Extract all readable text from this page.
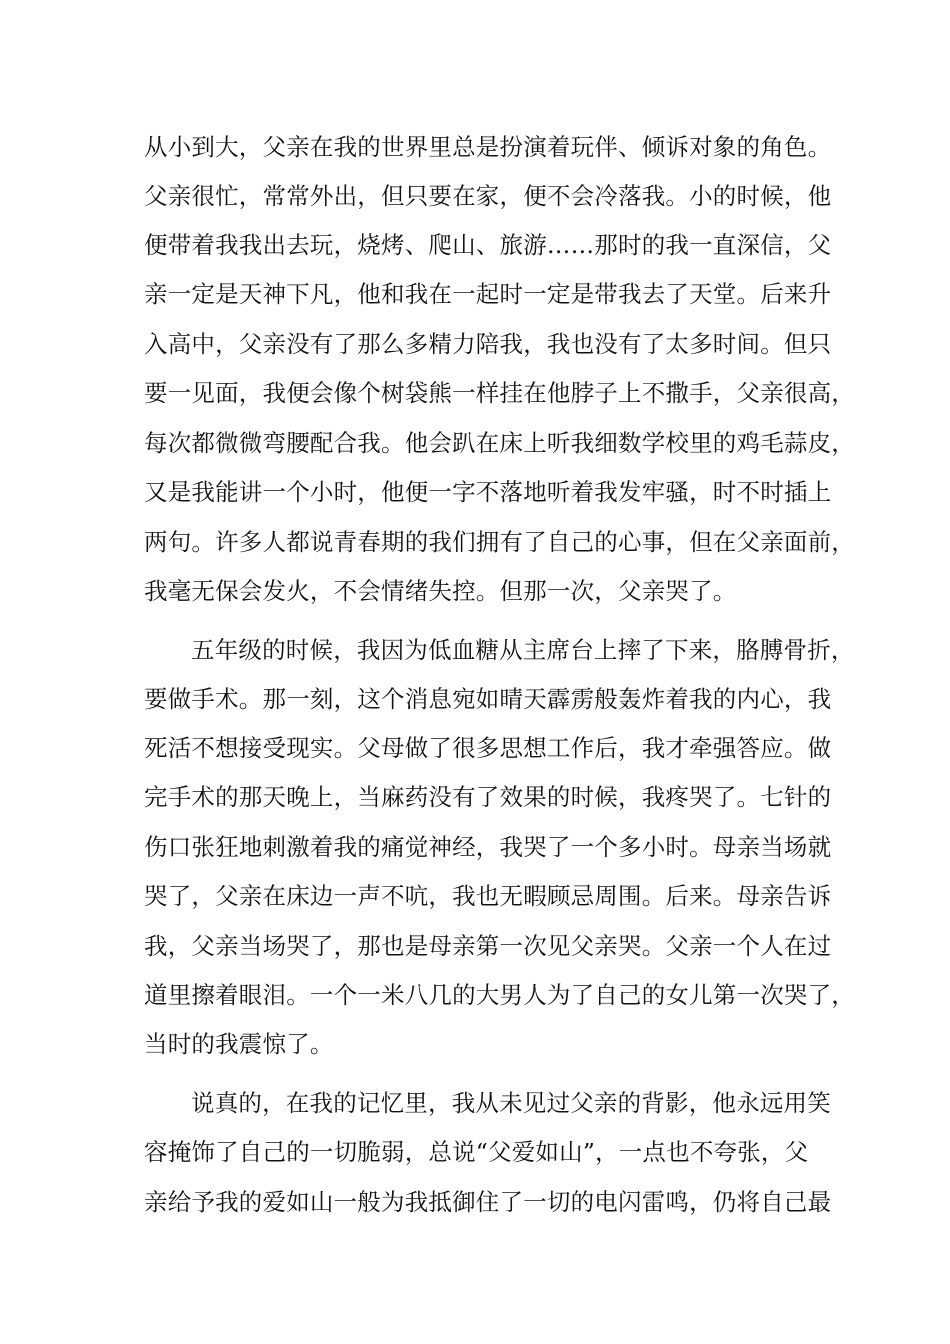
从小到大，父亲在我的世界里总是扮演着玩伴、倾诉对象的角色。
父亲很忙，常常外出，但只要在家，便不会冷落我。小的时候，他
便带着我我出去玩，烧烤、爬山、旅游……那时的我一直深信，父
亲一定是天神下凡，他和我在一起时一定是带我去了天堂。后来升
入高中，父亲没有了那么多精力陪我，我也没有了太多时间。但只
要一见面，我便会像个树袋熊一样挂在他脖子上不撒手，父亲很高，
每次都微微弯腰配合我。他会趴在床上听我细数学校里的鸡毛蒜皮，
又是我能讲一个小时，他便一字不落地听着我发牢骚，时不时插上
两句。许多人都说青春期的我们拥有了自己的心事，但在父亲面前，
我毫无保会发火，不会情绪失控。但那一次，父亲哭了。
五年级的时候，我因为低血糖从主席台上摔了下来，胳膊骨折，
要做手术。那一刻，这个消息宛如晴天霹雳般轰炸着我的内心，我
死活不想接受现实。父母做了很多思想工作后，我才牵强答应。做
完手术的那天晚上，当麻药没有了效果的时候，我疼哭了。七针的
伤口张狂地刺激着我的痛觉神经，我哭了一个多小时。母亲当场就
哭了，父亲在床边一声不吭，我也无暇顾忌周围。后来。母亲告诉
我，父亲当场哭了，那也是母亲第一次见父亲哭。父亲一个人在过
道里擦着眼泪。一个一米八几的大男人为了自己的女儿第一次哭了，
当时的我震惊了。
说真的，在我的记忆里，我从未见过父亲的背影，他永远用笑
容掩饰了自己的一切脆弱，总说“父爱如山”，一点也不夸张，父
亲给予我的爱如山一般为我抵御住了一切的电闪雷鸣，仍将自己最
